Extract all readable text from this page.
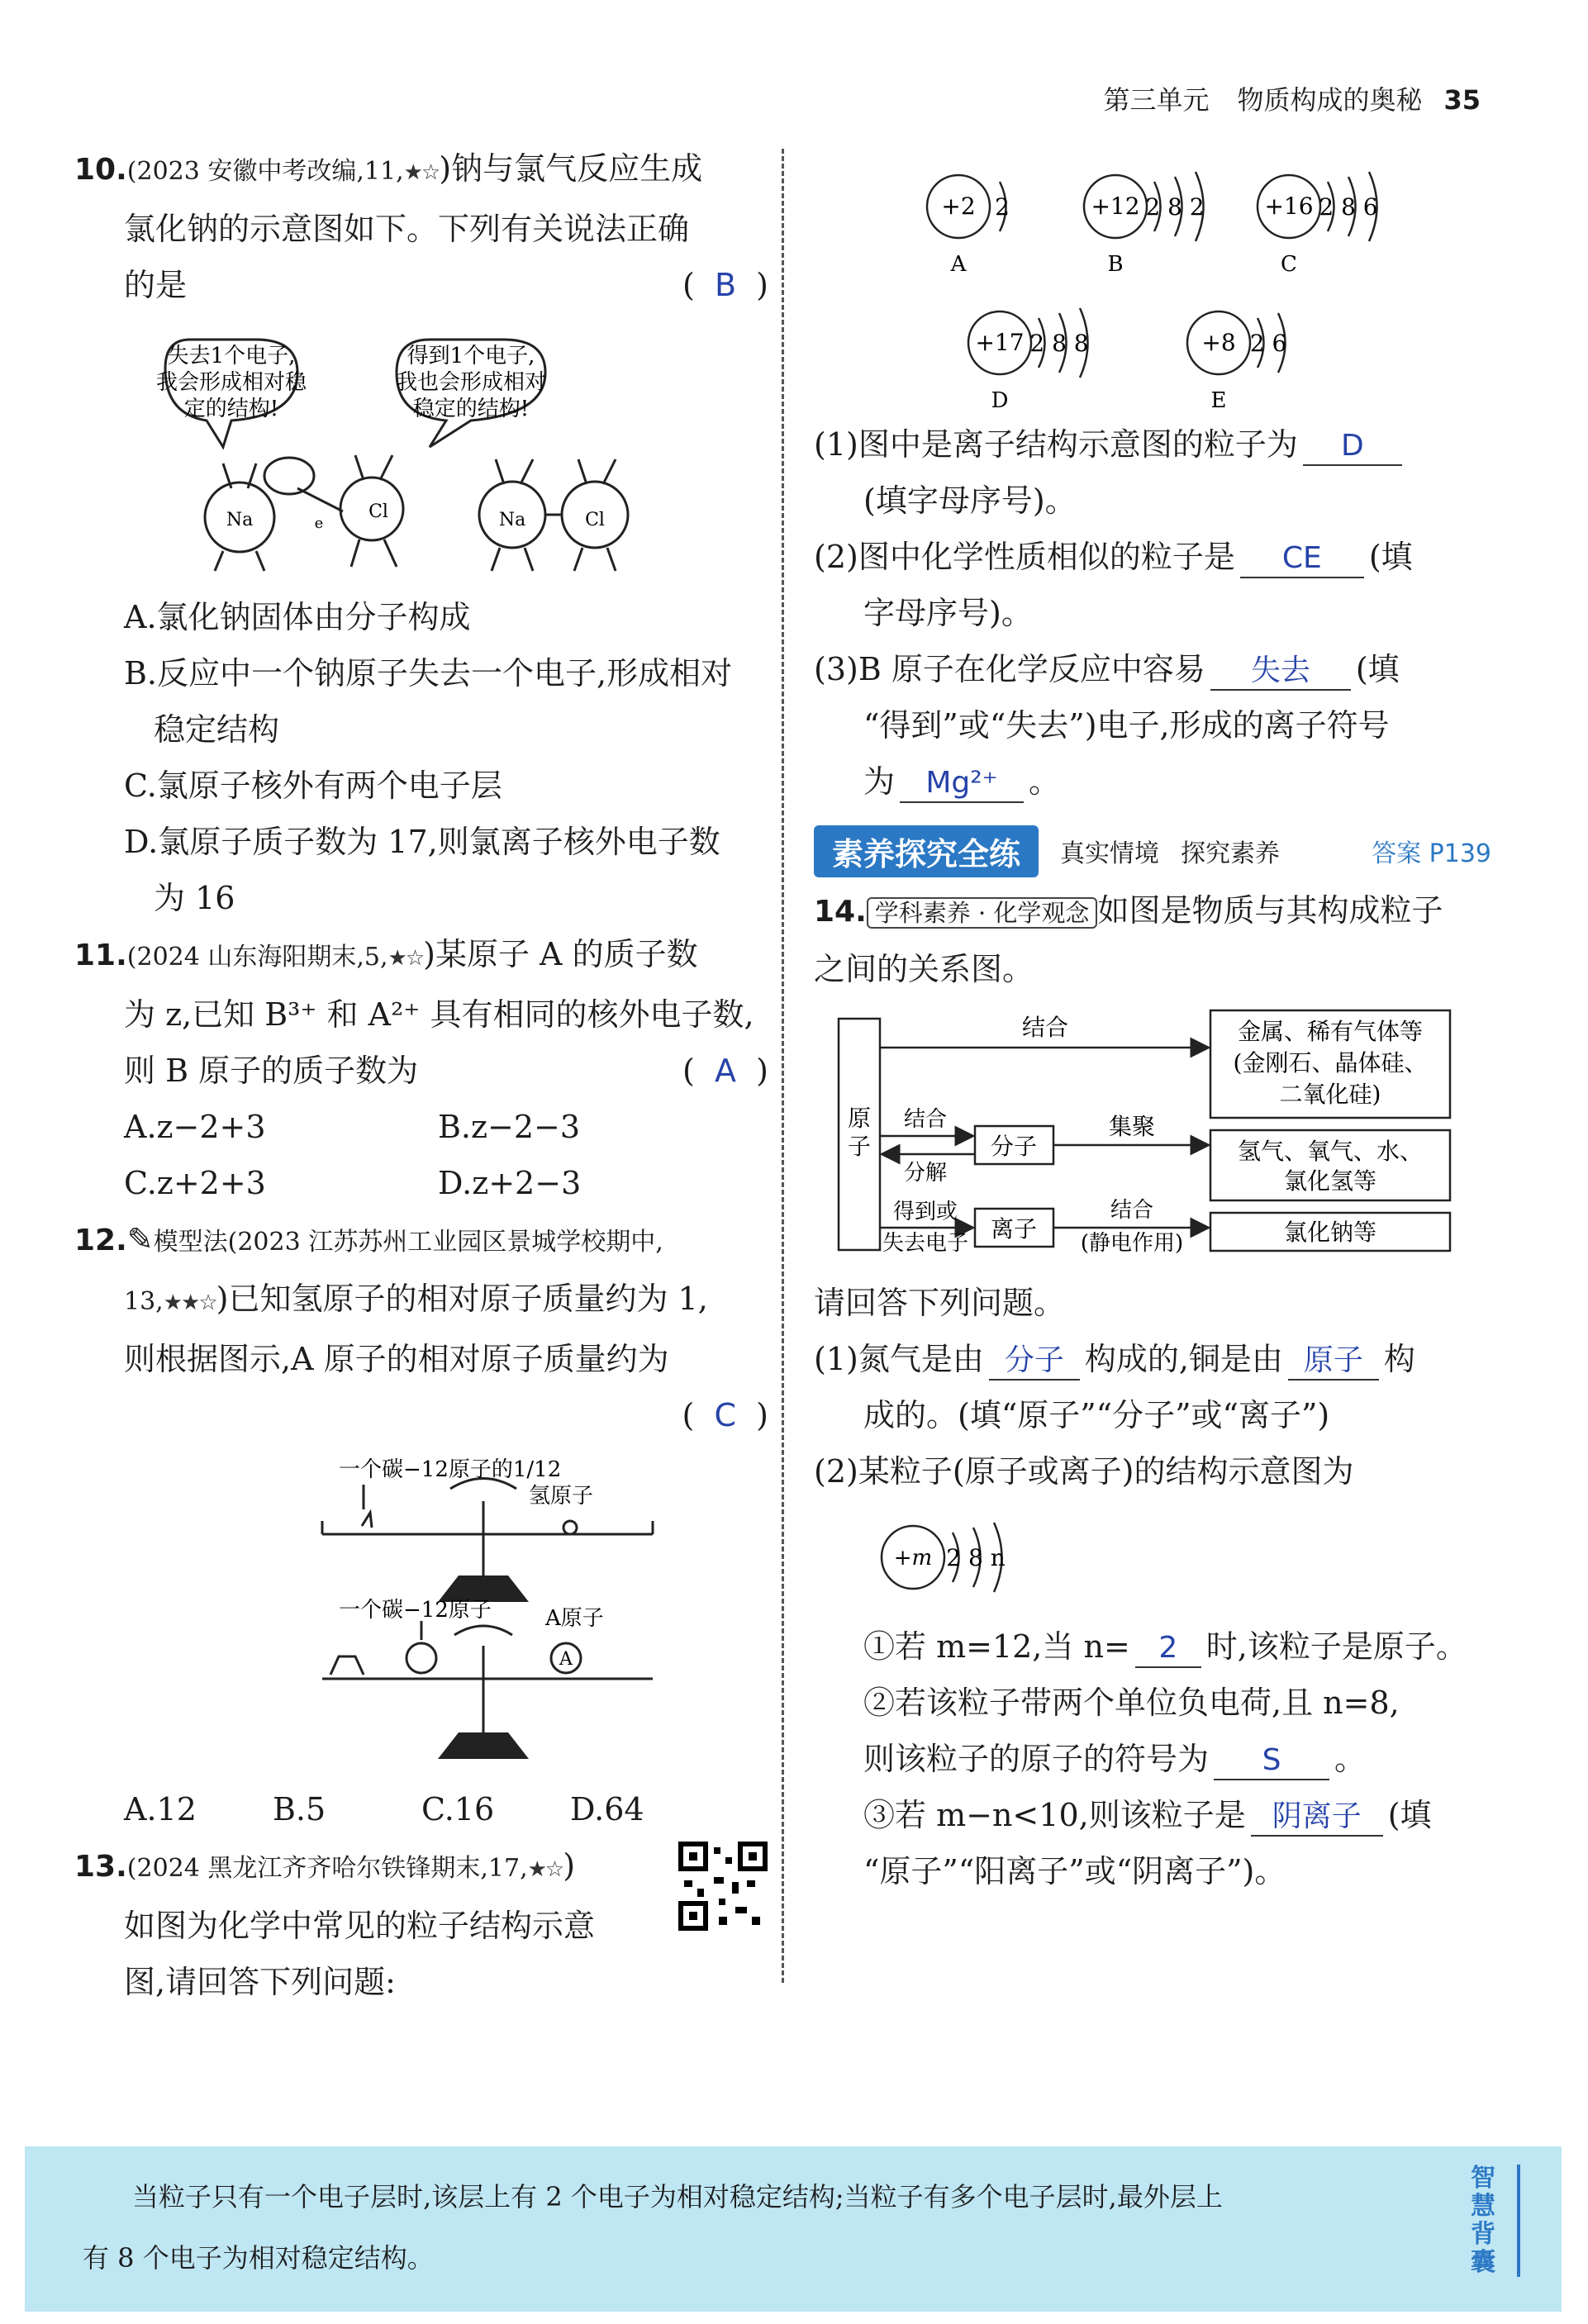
第三单元 物质构成的奥秘 35
10.(2023 安徽中考改编,11,★☆)钠与氯气反应生成
氯化钠的示意图如下。下列有关说法正确
的是	(  B  )
Na	Cl	Na	Cl
e
失去1个电子,
我会形成相对稳
定的结构!
得到1个电子,
我也会形成相对
稳定的结构!
A.氯化钠固体由分子构成
B.反应中一个钠原子失去一个电子,形成相对
稳定结构
C.氯原子核外有两个电子层
D.氯原子质子数为 17,则氯离子核外电子数
为 16
11.(2024 山东海阳期末,5,★☆)某原子 A 的质子数
为 z,已知 B³⁺ 和 A²⁺ 具有相同的核外电子数,
则 B 原子的质子数为	(  A  )
A.z−2+3	B.z−2−3
C.z+2+3	D.z+2−3
12.✎模型法(2023 江苏苏州工业园区景城学校期中,
13,★★☆)已知氢原子的相对原子质量约为 1,
则根据图示,A 原子的相对原子质量约为
(  C  )
一个碳−12原子的1/12
氢原子
一个碳−12原子	A原子
A
A.12 B.5	C.16 D.64
13.(2024 黑龙江齐齐哈尔铁锋期末,17,★☆)
如图为化学中常见的粒子结构示意
图,请回答下列问题:
+2 2
A
+12 2 8 2
B
+16 2 8 6
C
+17 2 8 8
D
+8 2 6
E
(1)图中是离子结构示意图的粒子为 D
(填字母序号)。
(2)图中化学性质相似的粒子是 CE (填
字母序号)。
(3)B 原子在化学反应中容易 失去 (填
“得到”或“失去”)电子,形成的离子符号
为 Mg²⁺ 。
素养探究全练	真实情境 探究素养	答案 P139
14. 学科素养 · 化学观念 如图是物质与其构成粒子
之间的关系图。
原子
结合
结合
分解
分子
集聚
得到或
失去电子
离子
结合
(静电作用)
金属、稀有气体等
(金刚石、晶体硅、
二氧化硅)
氢气、氧气、水、
氯化氢等
氯化钠等
请回答下列问题。
(1)氮气是由 分子 构成的,铜是由 原子 构
成的。(填“原子”“分子”或“离子”)
(2)某粒子(原子或离子)的结构示意图为
+m 2 8 n
①若 m=12,当 n= 2 时,该粒子是原子。
②若该粒子带两个单位负电荷,且 n=8,
则该粒子的原子的符号为 S 。
③若 m−n<10,则该粒子是 阴离子 (填
“原子”“阳离子”或“阴离子”)。
当粒子只有一个电子层时,该层上有 2 个电子为相对稳定结构;当粒子有多个电子层时,最外层上
有 8 个电子为相对稳定结构。
智慧背囊
